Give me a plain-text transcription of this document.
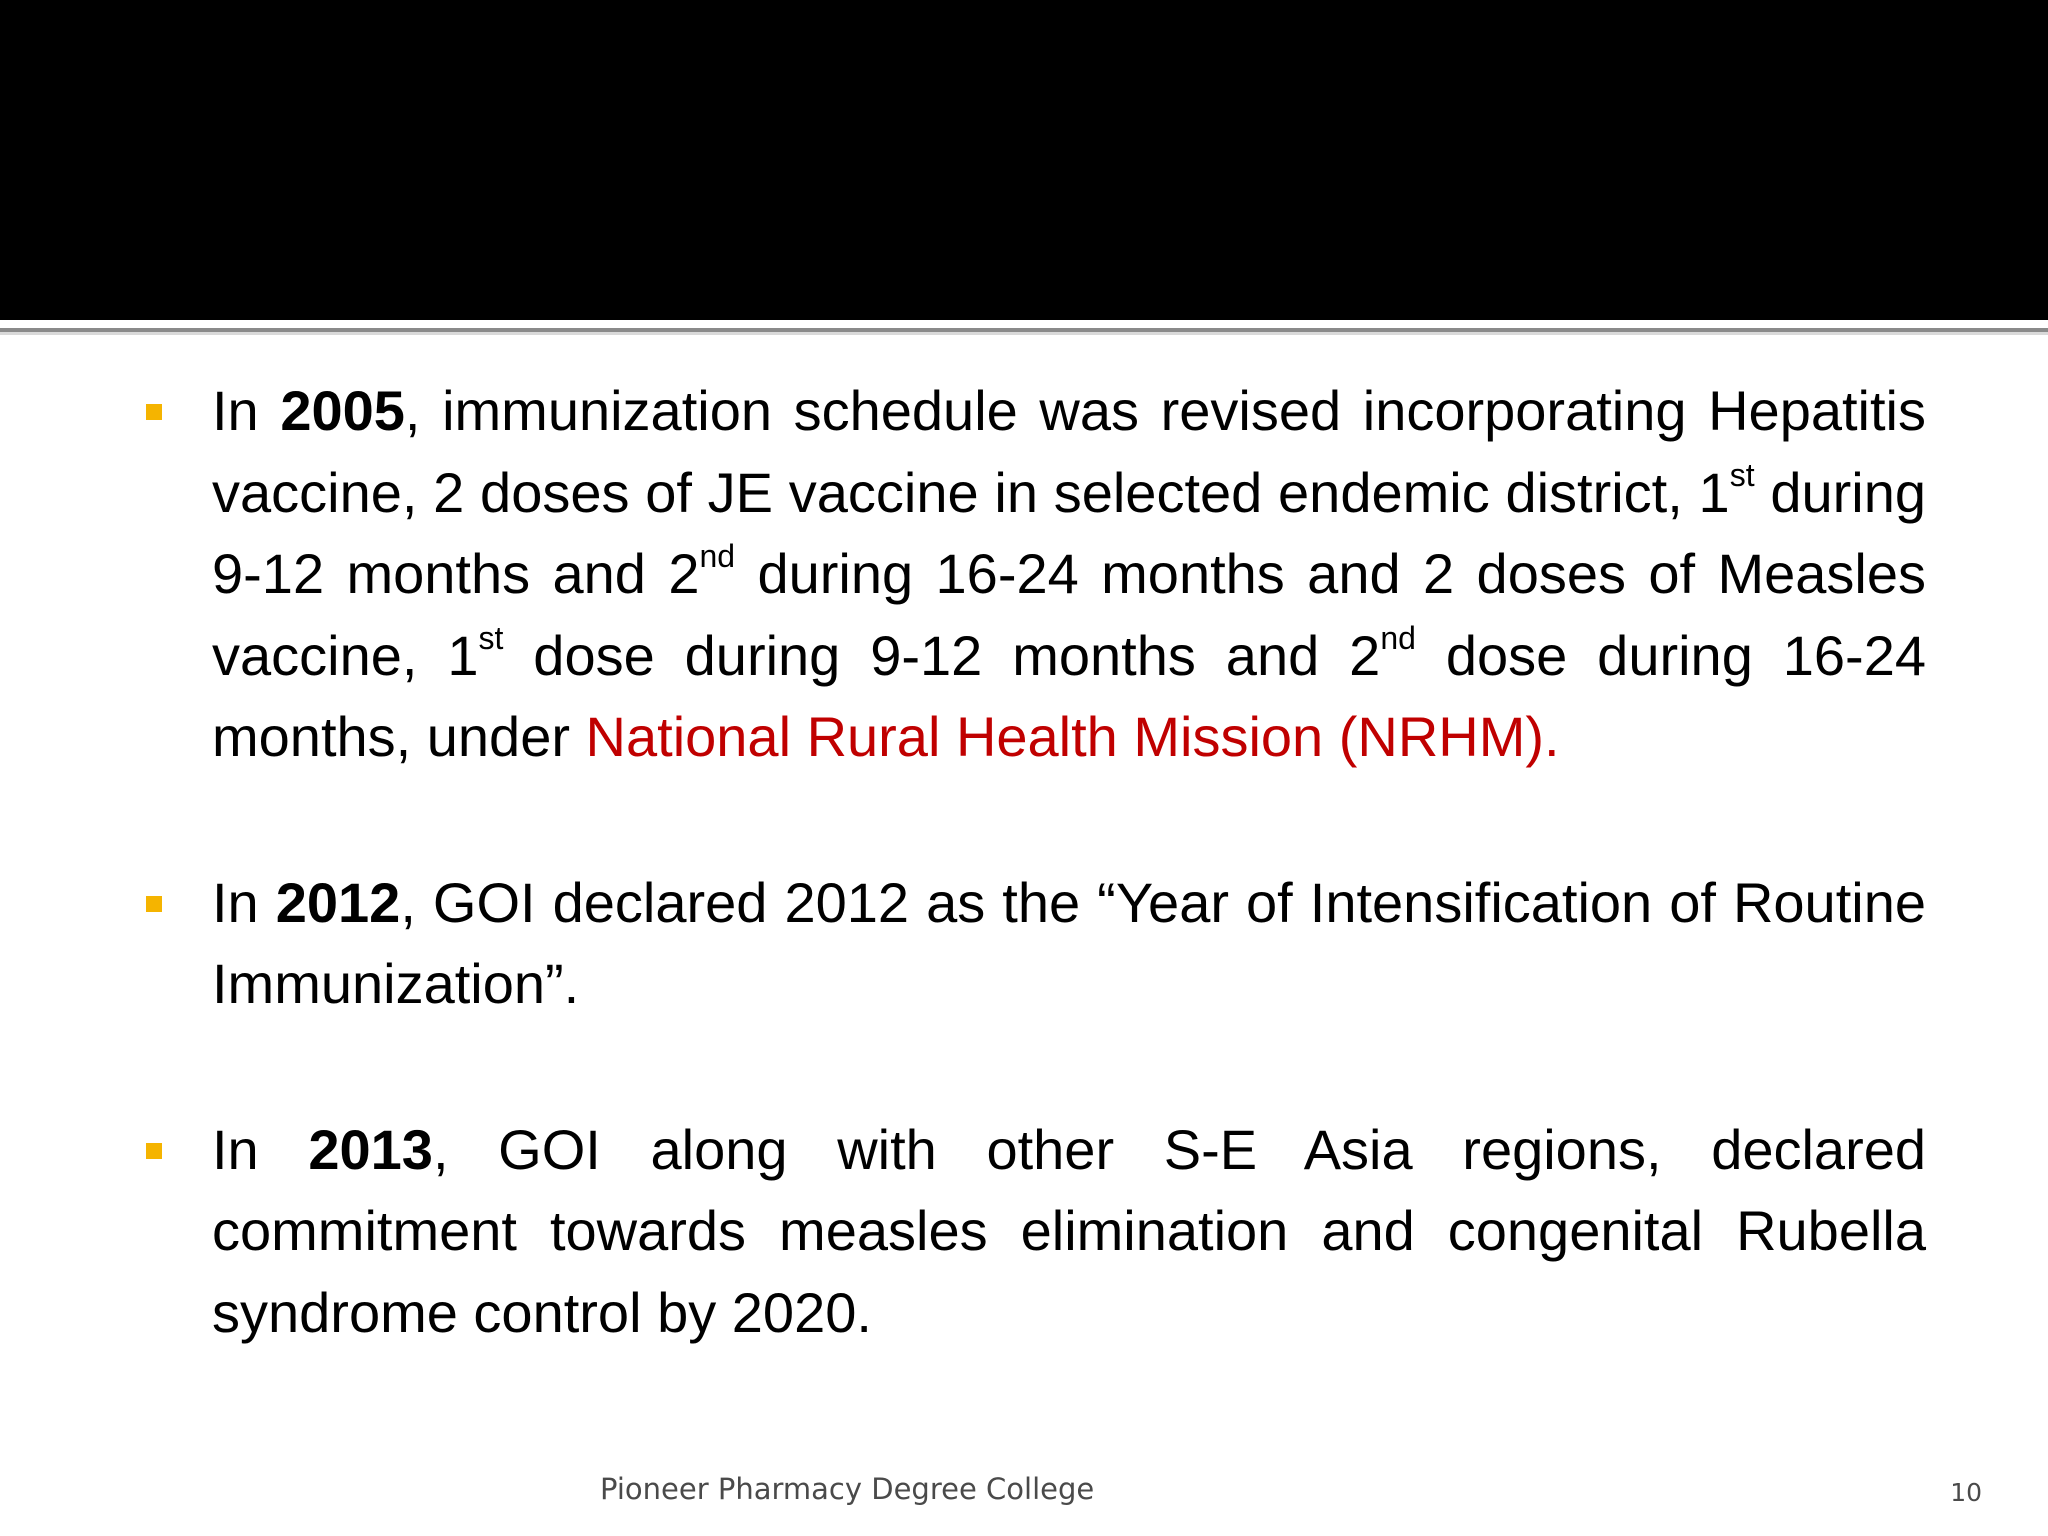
In 2005, immunization schedule was revised incorporating Hepatitis vaccine, 2 doses of JE vaccine in selected endemic district, 1st during 9-12 months and 2nd during 16-24 months and 2 doses of Measles vaccine, 1st dose during 9-12 months and 2nd dose during 16-24 months, under National Rural Health Mission (NRHM).
In 2012, GOI declared 2012 as the “Year of Intensification of Routine Immunization”.
In 2013, GOI along with other S-E Asia regions, declared commitment towards measles elimination and congenital Rubella syndrome control by 2020.
Pioneer Pharmacy Degree College	10
